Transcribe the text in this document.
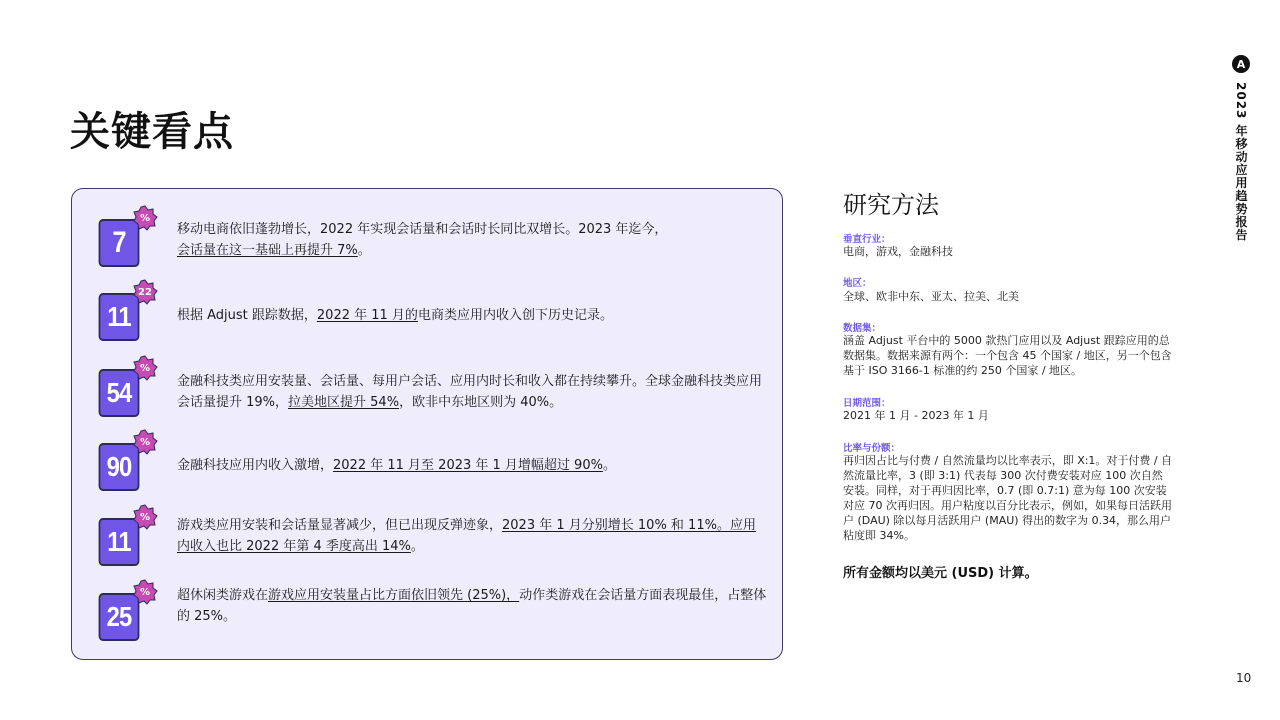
关键看点
A
2023 年移动应用趋势报告
7
%
移动电商依旧蓬勃增长，2022 年实现会话量和会话时长同比双增长。2023 年迄今，
会话量在这一基础上再提升 7%。
11
22
根据 Adjust 跟踪数据，2022 年 11 月的电商类应用内收入创下历史记录。
54
%
金融科技类应用安装量、会话量、每用户会话、应用内时长和收入都在持续攀升。全球金融科技类应用会话量提升 19%，拉美地区提升 54%，欧非中东地区则为 40%。
90
%
金融科技应用内收入激增，2022 年 11 月至 2023 年 1 月增幅超过 90%。
11
%
游戏类应用安装和会话量显著减少，但已出现反弹迹象，2023 年 1 月分别增长 10% 和 11%。应用内收入也比 2022 年第 4 季度高出 14%。
25
% 超休闲类游戏在游戏应用安装量占比方面依旧领先 (25%)，动作类游戏在会话量方面表现最佳，占整体的 25%。
研究方法
垂直行业：
电商，游戏，金融科技
地区：
全球、欧非中东、亚太、拉美、北美
数据集：
涵盖 Adjust 平台中的 5000 款热门应用以及 Adjust 跟踪应用的总数据集。数据来源有两个：一个包含 45 个国家 / 地区，另一个包含基于 ISO 3166-1 标准的约 250 个国家 / 地区。
日期范围：
2021 年 1 月 - 2023 年 1 月
比率与份额：
再归因占比与付费 / 自然流量均以比率表示，即 X:1。对于付费 / 自然流量比率，3 (即 3:1) 代表每 300 次付费安装对应 100 次自然安装。同样，对于再归因比率，0.7 (即 0.7:1) 意为每 100 次安装对应 70 次再归因。用户粘度以百分比表示，例如，如果每日活跃用户 (DAU) 除以每月活跃用户 (MAU) 得出的数字为 0.34，那么用户粘度即 34%。
所有金额均以美元 (USD) 计算。
10
